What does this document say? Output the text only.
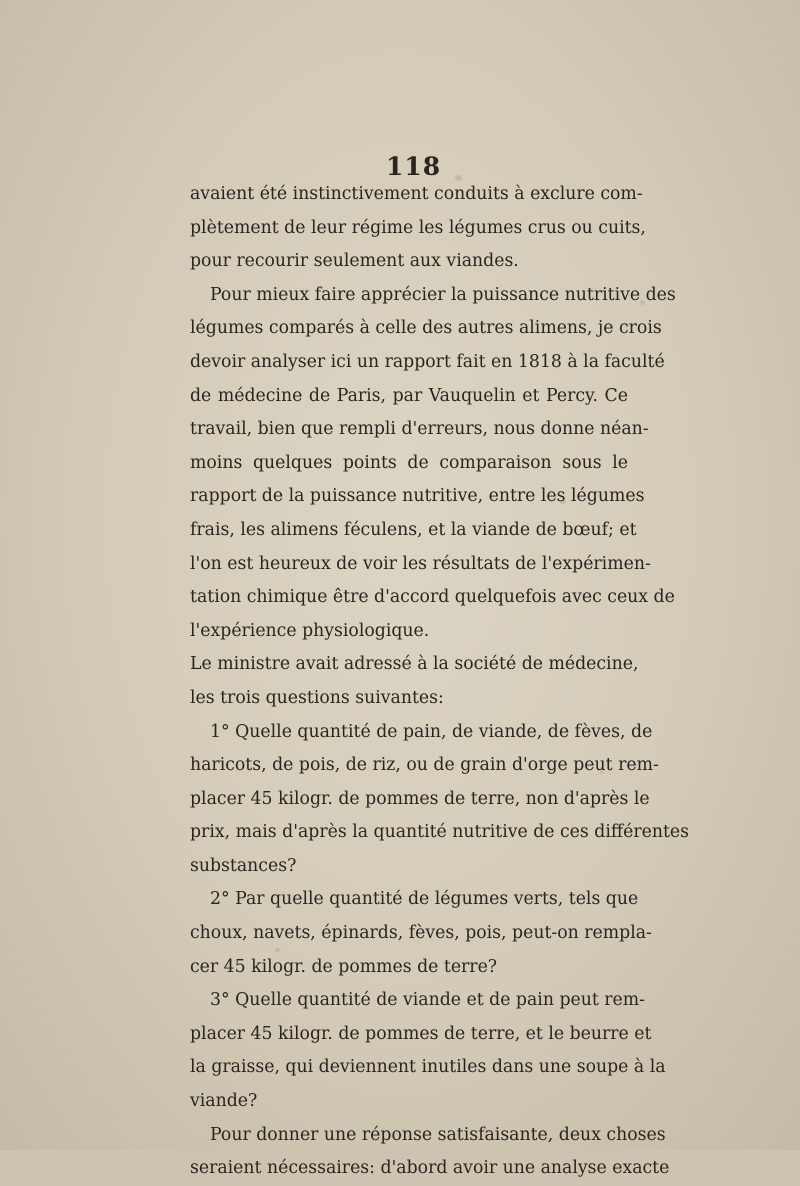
118
avaient été instinctivement conduits à exclure com-
plètement de leur régime les légumes crus ou cuits,
pour recourir seulement aux viandes.
Pour mieux faire apprécier la puissance nutritive des
légumes comparés à celle des autres alimens, je crois
devoir analyser ici un rapport fait en 1818 à la faculté
de médecine de Paris, par Vauquelin et Percy. Ce
travail, bien que rempli d'erreurs, nous donne néan-
moins quelques points de comparaison sous le
rapport de la puissance nutritive, entre les légumes
frais, les alimens féculens, et la viande de bœuf; et
l'on est heureux de voir les résultats de l'expérimen-
tation chimique être d'accord quelquefois avec ceux de
l'expérience physiologique.
Le ministre avait adressé à la société de médecine,
les trois questions suivantes:
1° Quelle quantité de pain, de viande, de fèves, de
haricots, de pois, de riz, ou de grain d'orge peut rem-
placer 45 kilogr. de pommes de terre, non d'après le
prix, mais d'après la quantité nutritive de ces différentes
substances?
2° Par quelle quantité de légumes verts, tels que
choux, navets, épinards, fèves, pois, peut-on rempla-
cer 45 kilogr. de pommes de terre?
3° Quelle quantité de viande et de pain peut rem-
placer 45 kilogr. de pommes de terre, et le beurre et
la graisse, qui deviennent inutiles dans une soupe à la
viande?
Pour donner une réponse satisfaisante, deux choses
seraient nécessaires: d'abord avoir une analyse exacte
